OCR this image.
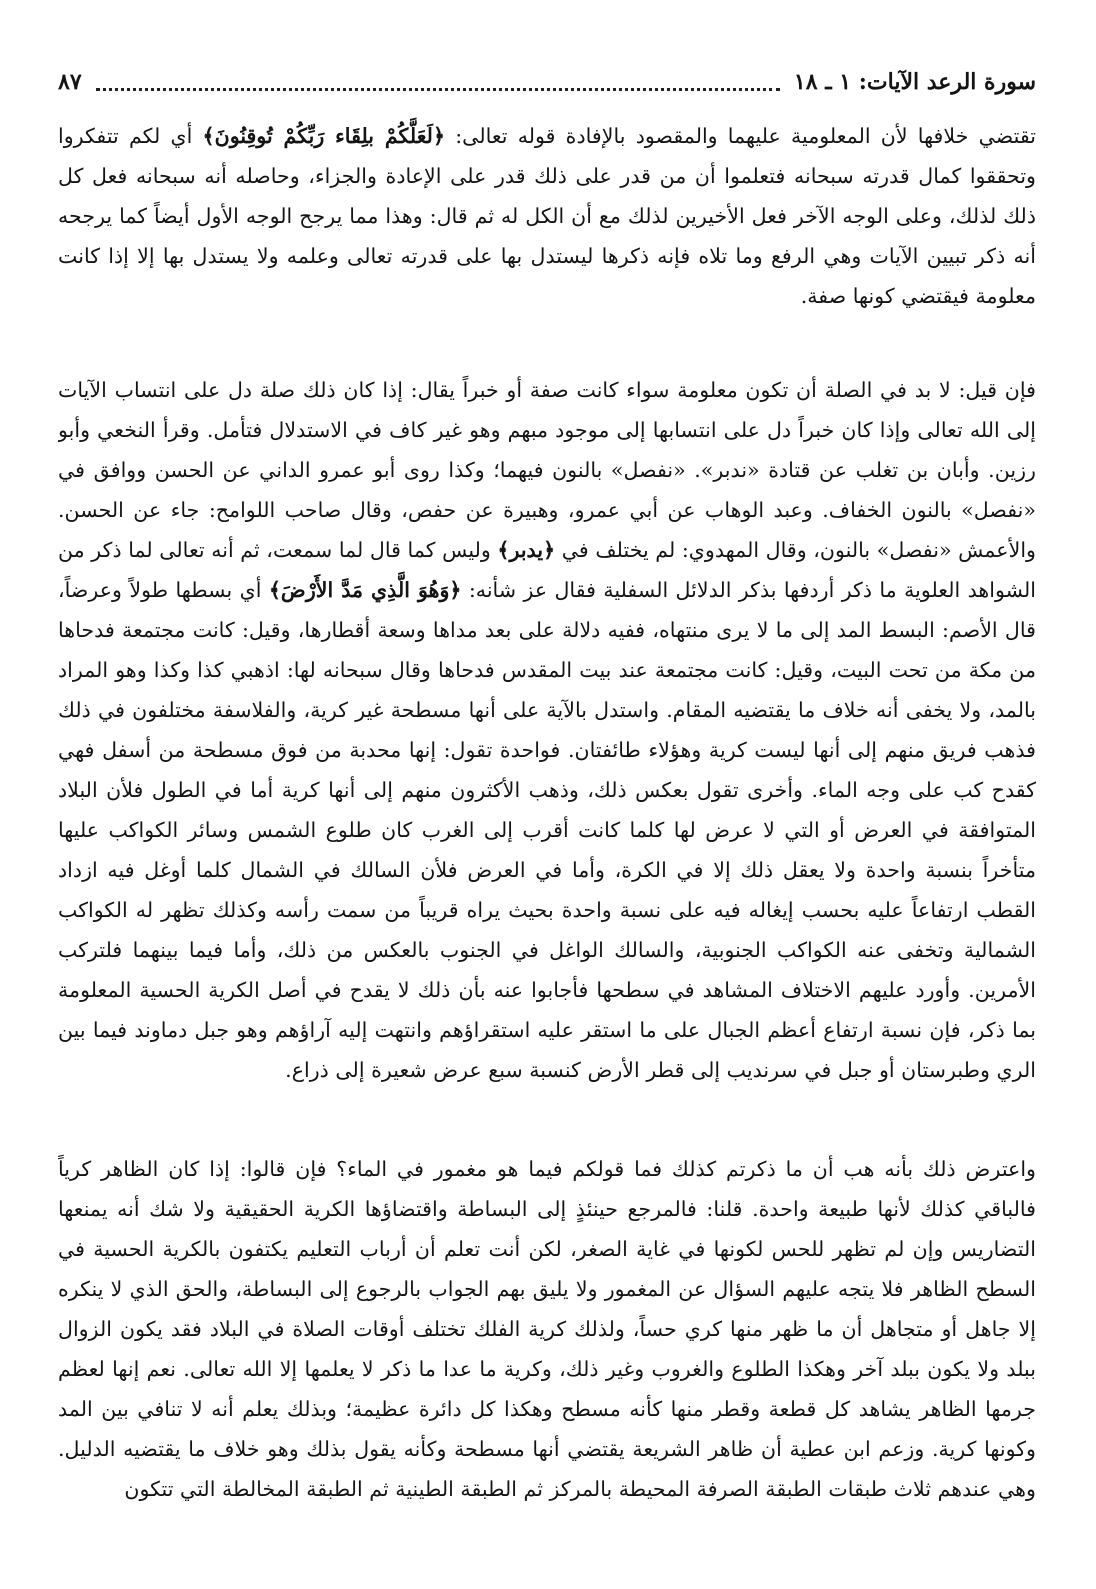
سورة الرعد الآيات: ١ ـ ١٨
٨٧

تقتضي خلافها لأن المعلومية عليهما والمقصود بالإفادة قوله تعالى: ﴿لَعَلَّكُمْ بلِقَاء رَبِّكُمْ تُوقِنُونَ﴾ أي لكم تتفكروا وتحققوا كمال قدرته سبحانه فتعلموا أن من قدر على ذلك قدر على الإعادة والجزاء، وحاصله أنه سبحانه فعل كل ذلك لذلك، وعلى الوجه الآخر فعل الأخيرين لذلك مع أن الكل له ثم قال: وهذا مما يرجح الوجه الأول أيضاً كما يرجحه أنه ذكر تبيين الآيات وهي الرفع وما تلاه فإنه ذكرها ليستدل بها على قدرته تعالى وعلمه ولا يستدل بها إلا إذا كانت معلومة فيقتضي كونها صفة.

فإن قيل: لا بد في الصلة أن تكون معلومة سواء كانت صفة أو خبراً يقال: إذا كان ذلك صلة دل على انتساب الآيات إلى الله تعالى وإذا كان خبراً دل على انتسابها إلى موجود مبهم وهو غير كاف في الاستدلال فتأمل. وقرأ النخعي وأبو رزين. وأبان بن تغلب عن قتادة «ندبر». «نفصل» بالنون فيهما؛ وكذا روى أبو عمرو الداني عن الحسن ووافق في «نفصل» بالنون الخفاف. وعبد الوهاب عن أبي عمرو، وهبيرة عن حفص، وقال صاحب اللوامح: جاء عن الحسن. والأعمش «نفصل» بالنون، وقال المهدوي: لم يختلف في ﴿يدبر﴾ وليس كما قال لما سمعت، ثم أنه تعالى لما ذكر من الشواهد العلوية ما ذكر أردفها بذكر الدلائل السفلية فقال عز شأنه: ﴿وَهُوَ الَّذِي مَدَّ الأَرْضَ﴾ أي بسطها طولاً وعرضاً، قال الأصم: البسط المد إلى ما لا يرى منتهاه، ففيه دلالة على بعد مداها وسعة أقطارها، وقيل: كانت مجتمعة فدحاها من مكة من تحت البيت، وقيل: كانت مجتمعة عند بيت المقدس فدحاها وقال سبحانه لها: اذهبي كذا وكذا وهو المراد بالمد، ولا يخفى أنه خلاف ما يقتضيه المقام. واستدل بالآية على أنها مسطحة غير كرية، والفلاسفة مختلفون في ذلك فذهب فريق منهم إلى أنها ليست كرية وهؤلاء طائفتان. فواحدة تقول: إنها محدبة من فوق مسطحة من أسفل فهي كقدح كب على وجه الماء. وأخرى تقول بعكس ذلك، وذهب الأكثرون منهم إلى أنها كرية أما في الطول فلأن البلاد المتوافقة في العرض أو التي لا عرض لها كلما كانت أقرب إلى الغرب كان طلوع الشمس وسائر الكواكب عليها متأخراً بنسبة واحدة ولا يعقل ذلك إلا في الكرة، وأما في العرض فلأن السالك في الشمال كلما أوغل فيه ازداد القطب ارتفاعاً عليه بحسب إيغاله فيه على نسبة واحدة بحيث يراه قريباً من سمت رأسه وكذلك تظهر له الكواكب الشمالية وتخفى عنه الكواكب الجنوبية، والسالك الواغل في الجنوب بالعكس من ذلك، وأما فيما بينهما فلتركب الأمرين. وأورد عليهم الاختلاف المشاهد في سطحها فأجابوا عنه بأن ذلك لا يقدح في أصل الكرية الحسية المعلومة بما ذكر، فإن نسبة ارتفاع أعظم الجبال على ما استقر عليه استقراؤهم وانتهت إليه آراؤهم وهو جبل دماوند فيما بين الري وطبرستان أو جبل في سرنديب إلى قطر الأرض كنسبة سبع عرض شعيرة إلى ذراع.

واعترض ذلك بأنه هب أن ما ذكرتم كذلك فما قولكم فيما هو مغمور في الماء؟ فإن قالوا: إذا كان الظاهر كرياً فالباقي كذلك لأنها طبيعة واحدة. قلنا: فالمرجع حينئذٍ إلى البساطة واقتضاؤها الكرية الحقيقية ولا شك أنه يمنعها التضاريس وإن لم تظهر للحس لكونها في غاية الصغر، لكن أنت تعلم أن أرباب التعليم يكتفون بالكرية الحسية في السطح الظاهر فلا يتجه عليهم السؤال عن المغمور ولا يليق بهم الجواب بالرجوع إلى البساطة، والحق الذي لا ينكره إلا جاهل أو متجاهل أن ما ظهر منها كري حساً، ولذلك كرية الفلك تختلف أوقات الصلاة في البلاد فقد يكون الزوال ببلد ولا يكون ببلد آخر وهكذا الطلوع والغروب وغير ذلك، وكرية ما عدا ما ذكر لا يعلمها إلا الله تعالى. نعم إنها لعظم جرمها الظاهر يشاهد كل قطعة وقطر منها كأنه مسطح وهكذا كل دائرة عظيمة؛ وبذلك يعلم أنه لا تنافي بين المد وكونها كرية. وزعم ابن عطية أن ظاهر الشريعة يقتضي أنها مسطحة وكأنه يقول بذلك وهو خلاف ما يقتضيه الدليل. وهي عندهم ثلاث طبقات الطبقة الصرفة المحيطة بالمركز ثم الطبقة الطينية ثم الطبقة المخالطة التي تتكون
